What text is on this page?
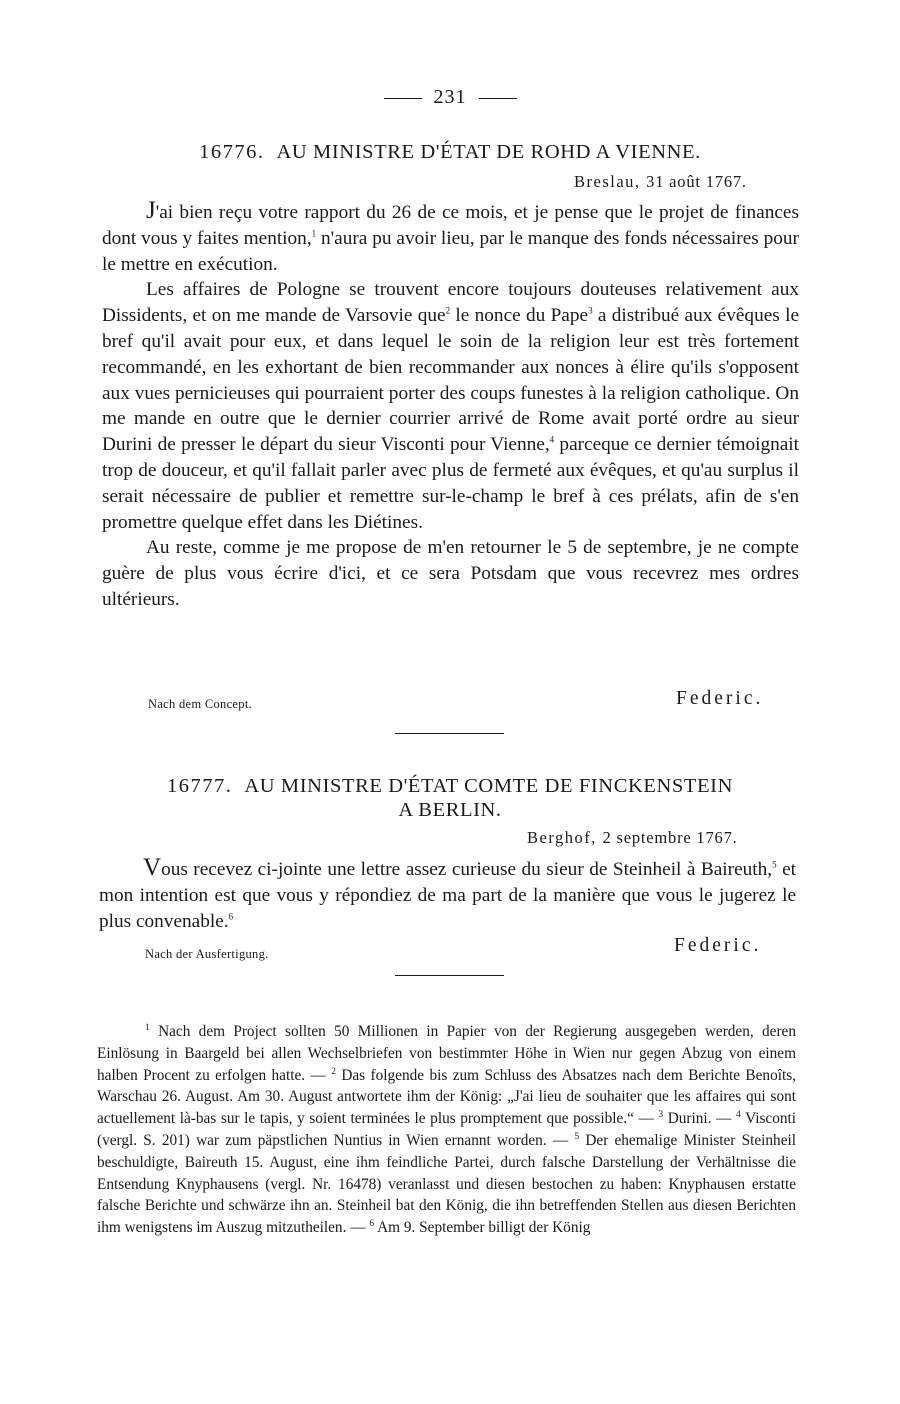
231
16776. AU MINISTRE D'ÉTAT DE ROHD A VIENNE.
Breslau, 31 août 1767.

J'ai bien reçu votre rapport du 26 de ce mois, et je pense que le projet de finances dont vous y faites mention,$^1$ n'aura pu avoir lieu, par le manque des fonds nécessaires pour le mettre en exécution.

Les affaires de Pologne se trouvent encore toujours douteuses relativement aux Dissidents, et on me mande de Varsovie que$^2$ le nonce du Pape$^3$ a distribué aux évêques le bref qu'il avait pour eux, et dans lequel le soin de la religion leur est très fortement recommandé, en les exhortant de bien recommander aux nonces à élire qu'ils s'opposent aux vues pernicieuses qui pourraient porter des coups funestes à la religion catholique. On me mande en outre que le dernier courrier arrivé de Rome avait porté ordre au sieur Durini de presser le départ du sieur Visconti pour Vienne,$^4$ parceque ce dernier témoignait trop de douceur, et qu'il fallait parler avec plus de fermeté aux évêques, et qu'au surplus il serait nécessaire de publier et remettre sur-le-champ le bref à ces prélats, afin de s'en promettre quelque effet dans les Diétines.

Au reste, comme je me propose de m'en retourner le 5 de septembre, je ne compte guère de plus vous écrire d'ici, et ce sera Potsdam que vous recevrez mes ordres ultérieurs.

Nach dem Concept.	Federic.
16777. AU MINISTRE D'ÉTAT COMTE DE FINCKENSTEIN
A BERLIN.
Berghof, 2 septembre 1767.

Vous recevez ci-jointe une lettre assez curieuse du sieur de Steinheil à Baireuth,$^5$ et mon intention est que vous y répondiez de ma part de la manière que vous le jugerez le plus convenable.$^6$

Nach der Ausfertigung.	Federic.

$^1$ Nach dem Project sollten 50 Millionen in Papier von der Regierung ausgegeben werden, deren Einlösung in Baargeld bei allen Wechselbriefen von bestimmter Höhe in Wien nur gegen Abzug von einem halben Procent zu erfolgen hatte. — $^2$ Das folgende bis zum Schluss des Absatzes nach dem Berichte Benoîts, Warschau 26. August. Am 30. August antwortete ihm der König: „J'ai lieu de souhaiter que les affaires qui sont actuellement là-bas sur le tapis, y soient terminées le plus promptement que possible.“ — $^3$ Durini. — $^4$ Visconti (vergl. S. 201) war zum päpstlichen Nuntius in Wien ernannt worden. — $^5$ Der ehemalige Minister Steinheil beschuldigte, Baireuth 15. August, eine ihm feindliche Partei, durch falsche Darstellung der Verhältnisse die Entsendung Knyphausens (vergl. Nr. 16478) veranlasst und diesen bestochen zu haben: Knyphausen erstatte falsche Berichte und schwärze ihn an. Steinheil bat den König, die ihn betreffenden Stellen aus diesen Berichten ihm wenigstens im Auszug mitzutheilen. — $^6$ Am 9. September billigt der König
